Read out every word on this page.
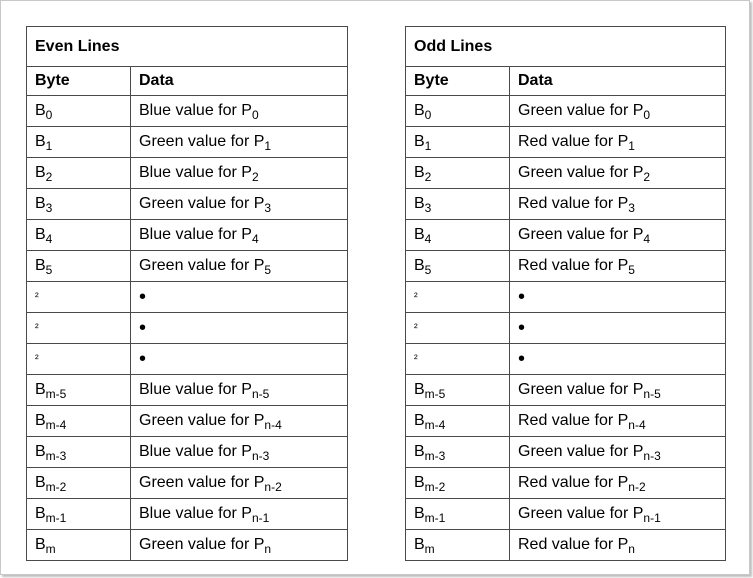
Even Lines	
Byte	Data
$B_0$	Blue value for $P_0$
$B_1$	Green value for $P_1$
$B_2$	Blue value for $P_2$
$B_3$	Green value for $P_3$
$B_4$	Blue value for $P_4$
$B_5$	Green value for $P_5$
²	•
²	•
²	•
$B_{m-5}$	Blue value for $P_{n-5}$
$B_{m-4}$	Green value for $P_{n-4}$
$B_{m-3}$	Blue value for $P_{n-3}$
$B_{m-2}$	Green value for $P_{n-2}$
$B_{m-1}$	Blue value for $P_{n-1}$
$B_m$	Green value for $P_n$
Odd Lines	
Byte	Data
$B_0$	Green value for $P_0$
$B_1$	Red value for $P_1$
$B_2$	Green value for $P_2$
$B_3$	Red value for $P_3$
$B_4$	Green value for $P_4$
$B_5$	Red value for $P_5$
²	•
²	•
²	•
$B_{m-5}$	Green value for $P_{n-5}$
$B_{m-4}$	Red value for $P_{n-4}$
$B_{m-3}$	Green value for $P_{n-3}$
$B_{m-2}$	Red value for $P_{n-2}$
$B_{m-1}$	Green value for $P_{n-1}$
$B_m$	Red value for $P_n$
